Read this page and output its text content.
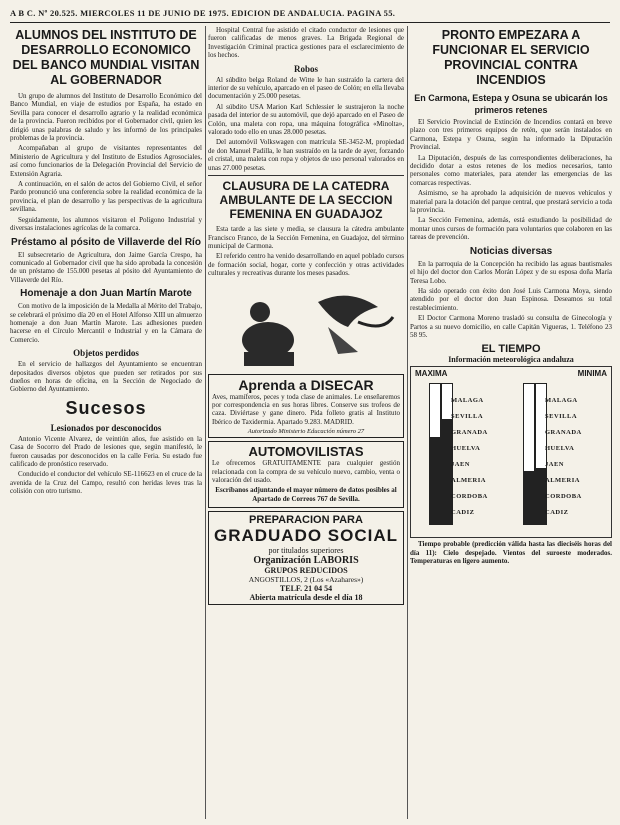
A B C. Nº 20.525. MIERCOLES 11 DE JUNIO DE 1975. EDICION DE ANDALUCIA. PAGINA 55.
ALUMNOS DEL INSTITUTO DE DESARROLLO ECONOMICO DEL BANCO MUNDIAL VISITAN AL GOBERNADOR

Un grupo de alumnos del Instituto de Desarrollo Económico del Banco Mundial, en viaje de estudios por España, ha estado en Sevilla para conocer el desarrollo agrario y la realidad económica de la provincia. Fueron recibidos por el Gobernador civil, quien les dirigió unas palabras de saludo y les informó de los principales problemas de la provincia.

Acompañaban al grupo de visitantes representantes del Ministerio de Agricultura y del Instituto de Estudios Agrosociales, así como funcionarios de la Delegación Provincial del Servicio de Extensión Agraria.

A continuación, en el salón de actos del Gobierno Civil, el señor Pardo pronunció una conferencia sobre la realidad económica de la provincia, el plan de desarrollo y las perspectivas de la agricultura sevillana.

Seguidamente, los alumnos visitaron el Polígono Industrial y diversas instalaciones agrícolas de la comarca.

Préstamo al pósito de Villaverde del Río

El subsecretario de Agricultura, don Jaime García Crespo, ha comunicado al Gobernador civil que ha sido aprobada la concesión de un préstamo de 155.000 pesetas al pósito del Ayuntamiento de Villaverde del Río.

Homenaje a don Juan Martín Marote

Con motivo de la imposición de la Medalla al Mérito del Trabajo, se celebrará el próximo día 20 en el Hotel Alfonso XIII un almuerzo homenaje a don Juan Martín Marote. Las adhesiones pueden hacerse en el Círculo Mercantil e Industrial y en la Cámara de Comercio.

Objetos perdidos

En el servicio de hallazgos del Ayuntamiento se encuentran depositados diversos objetos que pueden ser retirados por sus dueños en horas de oficina, en la Sección de Negociado de Gobierno del Ayuntamiento.

Sucesos
Lesionados por desconocidos

Antonio Vicente Alvarez, de veintiún años, fue asistido en la Casa de Socorro del Prado de lesiones que, según manifestó, le fueron causadas por desconocidos en la calle Feria. Su estado fue calificado de pronóstico reservado.

Conducido el conductor del vehículo SE-116623 en el cruce de la avenida de la Cruz del Campo, resultó con heridas leves tras la colisión con otro turismo.

Hospital Central fue asistido el citado conductor de lesiones que fueron calificadas de menos graves. La Brigada Regional de Investigación Criminal practica gestiones para el esclarecimiento de los hechos.

Robos

Al súbdito belga Roland de Witte le han sustraído la cartera del interior de su vehículo, aparcado en el paseo de Colón; en ella llevaba documentación y 25.000 pesetas.

Al súbdito USA Marion Karl Schlessier le sustrajeron la noche pasada del interior de su automóvil, que dejó aparcado en el Paseo de Colón, una maleta con ropa, una máquina fotográfica «Minolta», valorado todo ello en unas 28.000 pesetas.

Del automóvil Volkswagen con matrícula SE-3452-M, propiedad de don Manuel Padilla, le han sustraído en la tarde de ayer, forzando el cristal, una maleta con ropa y objetos de uso personal valorados en unas 27.000 pesetas.

CLAUSURA DE LA CATEDRA AMBULANTE DE LA SECCION FEMENINA EN GUADAJOZ

Esta tarde a las siete y media, se clausura la cátedra ambulante Francisco Franco, de la Sección Femenina, en Guadajoz, del término municipal de Carmona.

El referido centro ha venido desarrollando en aquel poblado cursos de formación social, hogar, corte y confección y otras actividades culturales y recreativas durante los meses pasados.

Aprenda a DISECAR

Aves, mamíferos, peces y toda clase de animales. Le enseñaremos por correspondencia en sus horas libres. Conserve sus trofeos de caza. Diviértase y gane dinero. Pida folleto gratis al Instituto Ibérico de Taxidermia. Apartado 9.283. MADRID.

Autorizado Ministerio Educación número 27
AUTOMOVILISTAS

Le ofrecemos GRATUITAMENTE para cualquier gestión relacionada con la compra de su vehículo nuevo, cambio, venta o valoración del usado.

Escríbanos adjuntando el mayor número de datos posibles al Apartado de Correos 767 de Sevilla.

PREPARACION PARA
GRADUADO SOCIAL
por titulados superiores
Organización LABORIS
GRUPOS REDUCIDOS
ANGOSTILLOS, 2 (Los «Azahares»)
TELF. 21 04 54
Abierta matrícula desde el día 18
PRONTO EMPEZARA A FUNCIONAR EL SERVICIO PROVINCIAL CONTRA INCENDIOS
En Carmona, Estepa y Osuna se ubicarán los primeros retenes

El Servicio Provincial de Extinción de Incendios contará en breve plazo con tres primeros equipos de retén, que serán instalados en Carmona, Estepa y Osuna, según ha informado la Diputación Provincial.

La Diputación, después de las correspondientes deliberaciones, ha decidido dotar a estos retenes de los medios necesarios, tanto personales como materiales, para atender las emergencias de las comarcas respectivas.

Asimismo, se ha aprobado la adquisición de nuevos vehículos y material para la dotación del parque central, que prestará servicio a toda la provincia.

La Sección Femenina, además, está estudiando la posibilidad de montar unos cursos de formación para voluntarios que colaboren en las tareas de prevención.

Noticias diversas

En la parroquia de la Concepción ha recibido las aguas bautismales el hijo del doctor don Carlos Morán López y de su esposa doña María Teresa Lobo.

Ha sido operado con éxito don José Luis Carmona Moya, siendo atendido por el doctor don Juan Espinosa. Deseamos su total restablecimiento.

El Doctor Carmona Moreno trasladó su consulta de Ginecología y Partos a su nuevo domicilio, en calle Capitán Vigueras, 1. Teléfono 23 58 95.

EL TIEMPO
Información meteorológica andaluza
MAXIMA	MINIMA
MALAGA
SEVILLA
GRANADA
HUELVA
JAEN
ALMERIA
CORDOBA
CADIZ
MALAGA
SEVILLA
GRANADA
HUELVA
JAEN
ALMERIA
CORDOBA
CADIZ

Tiempo probable (predicción válida hasta las dieciséis horas del día 11): Cielo despejado. Vientos del suroeste moderados. Temperaturas en ligero aumento.
